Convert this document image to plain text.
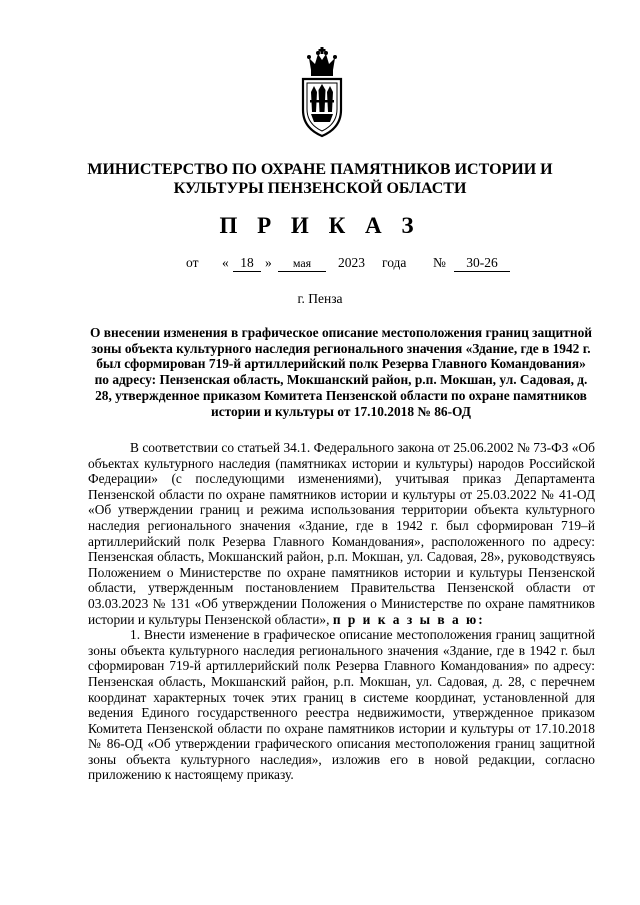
МИНИСТЕРСТВО ПО ОХРАНЕ ПАМЯТНИКОВ ИСТОРИИ И КУЛЬТУРЫ ПЕНЗЕНСКОЙ ОБЛАСТИ
П Р И К А З
от « 18 »	мая	2023 года №	30-26
г. Пенза
О внесении изменения в графическое описание местоположения границ защитной зоны объекта культурного наследия регионального значения «Здание, где в 1942 г. был сформирован 719-й артиллерийский полк Резерва Главного Командования» по адресу: Пензенская область, Мокшанский район, р.п. Мокшан, ул. Садовая, д. 28, утвержденное приказом Комитета Пензенской области по охране памятников истории и культуры от 17.10.2018 № 86-ОД

В соответствии со статьей 34.1. Федерального закона от 25.06.2002 № 73-ФЗ «Об объектах культурного наследия (памятниках истории и культуры) народов Российской Федерации» (с последующими изменениями), учитывая приказ Департамента Пензенской области по охране памятников истории и культуры от 25.03.2022 № 41-ОД «Об утверждении границ и режима использования территории объекта культурного наследия регионального значения «Здание, где в 1942 г. был сформирован 719–й артиллерийский полк Резерва Главного Командования», расположенного по адресу: Пензенская область, Мокшанский район, р.п. Мокшан, ул. Садовая, 28», руководствуясь Положением о Министерстве по охране памятников истории и культуры Пензенской области, утвержденным постановлением Правительства Пензенской области от 03.03.2023 № 131 «Об утверждении Положения о Министерстве по охране памятников истории и культуры Пензенской области», п р и к а з ы в а ю:

1. Внести изменение в графическое описание местоположения границ защитной зоны объекта культурного наследия регионального значения «Здание, где в 1942 г. был сформирован 719-й артиллерийский полк Резерва Главного Командования» по адресу: Пензенская область, Мокшанский район, р.п. Мокшан, ул. Садовая, д. 28, с перечнем координат характерных точек этих границ в системе координат, установленной для ведения Единого государственного реестра недвижимости, утвержденное приказом Комитета Пензенской области по охране памятников истории и культуры от 17.10.2018 № 86-ОД «Об утверждении графического описания местоположения границ защитной зоны объекта культурного наследия», изложив его в новой редакции, согласно приложению к настоящему приказу.
